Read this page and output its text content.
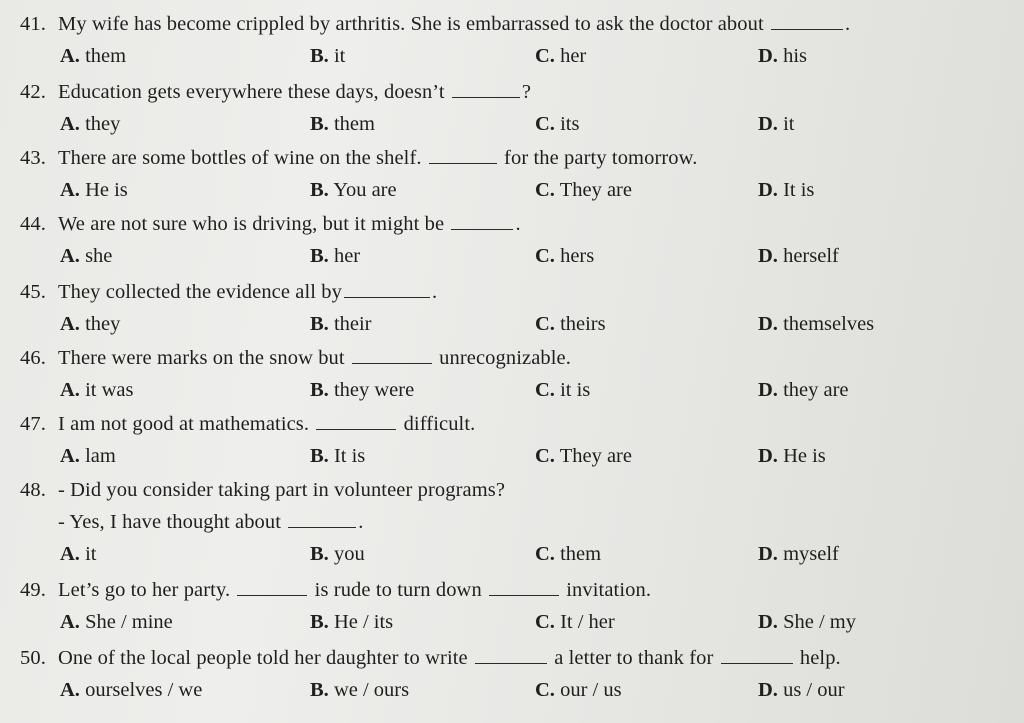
41. My wife has become crippled by arthritis. She is embarrassed to ask the doctor about	.
A. them	B. it	C. her	D. his
42. Education gets everywhere these days, doesn’t	?
A. they	B. them	C. its	D. it
43. There are some bottles of wine on the shelf.	for the party tomorrow.
A. He is	B. You are	C. They are	D. It is
44. We are not sure who is driving, but it might be	.
A. she	B. her	C. hers	D. herself
45. They collected the evidence all by	.
A. they	B. their	C. theirs	D. themselves
46. There were marks on the snow but	unrecognizable.
A. it was	B. they were	C. it is	D. they are
47. I am not good at mathematics.	difficult.
A. lam	B. It is	C. They are	D. He is
48. - Did you consider taking part in volunteer programs?
- Yes, I have thought about	.
A. it	B. you	C. them	D. myself
49. Let’s go to her party.	is rude to turn down	invitation.
A. She / mine	B. He / its	C. It / her	D. She / my
50. One of the local people told her daughter to write	a letter to thank for	help.
A. ourselves / we	B. we / ours	C. our / us	D. us / our
